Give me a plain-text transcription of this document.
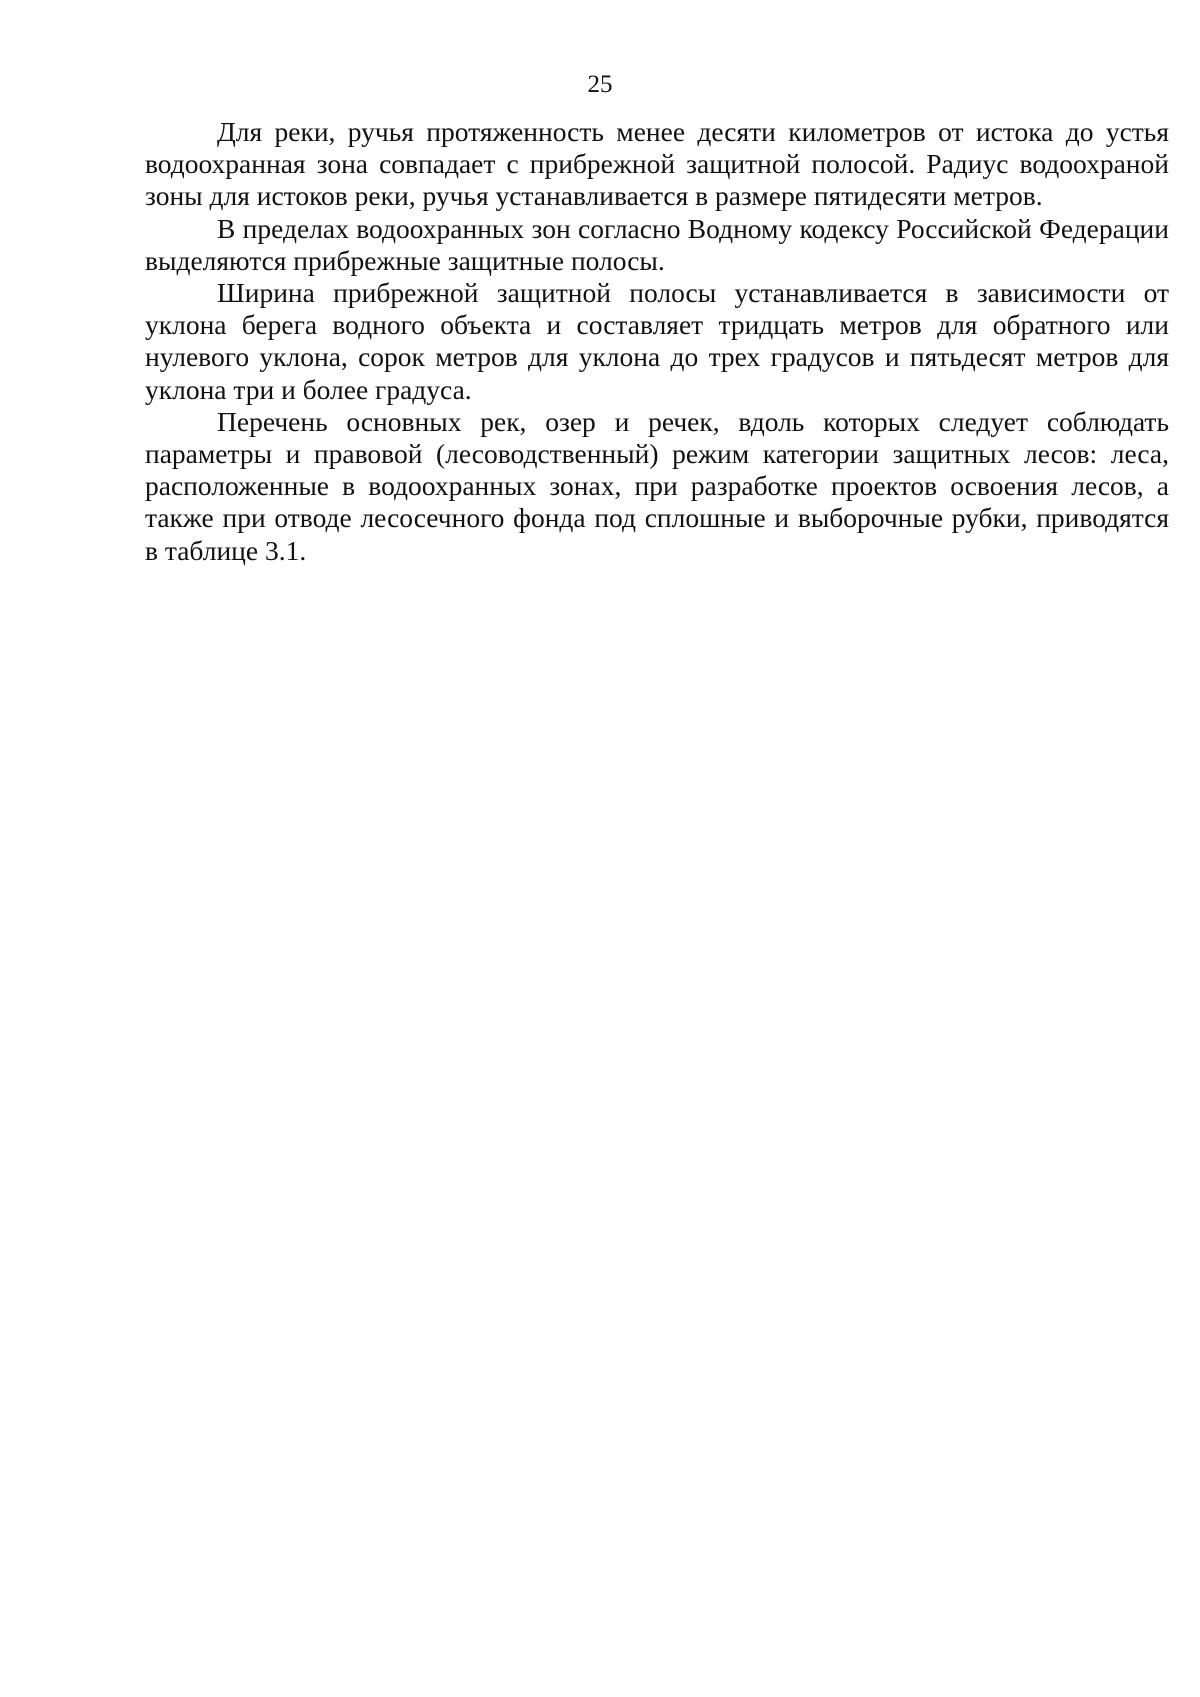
25

Для реки, ручья протяженность менее десяти километров от истока до устья водоохранная зона совпадает с прибрежной защитной полосой. Радиус водоохраной зоны для истоков реки, ручья устанавливается в размере пятидесяти метров.

В пределах водоохранных зон согласно Водному кодексу Российской Федерации выделяются прибрежные защитные полосы.

Ширина прибрежной защитной полосы устанавливается в зависимости от уклона берега водного объекта и составляет тридцать метров для обратного или нулевого уклона, сорок метров для уклона до трех градусов и пятьдесят метров для уклона три и более градуса.

Перечень основных рек, озер и речек, вдоль которых следует соблюдать параметры и правовой (лесоводственный) режим категории защитных лесов: леса, расположенные в водоохранных зонах, при разработке проектов освоения лесов, а также при отводе лесосечного фонда под сплошные и выборочные рубки, приводятся в таблице 3.1.
